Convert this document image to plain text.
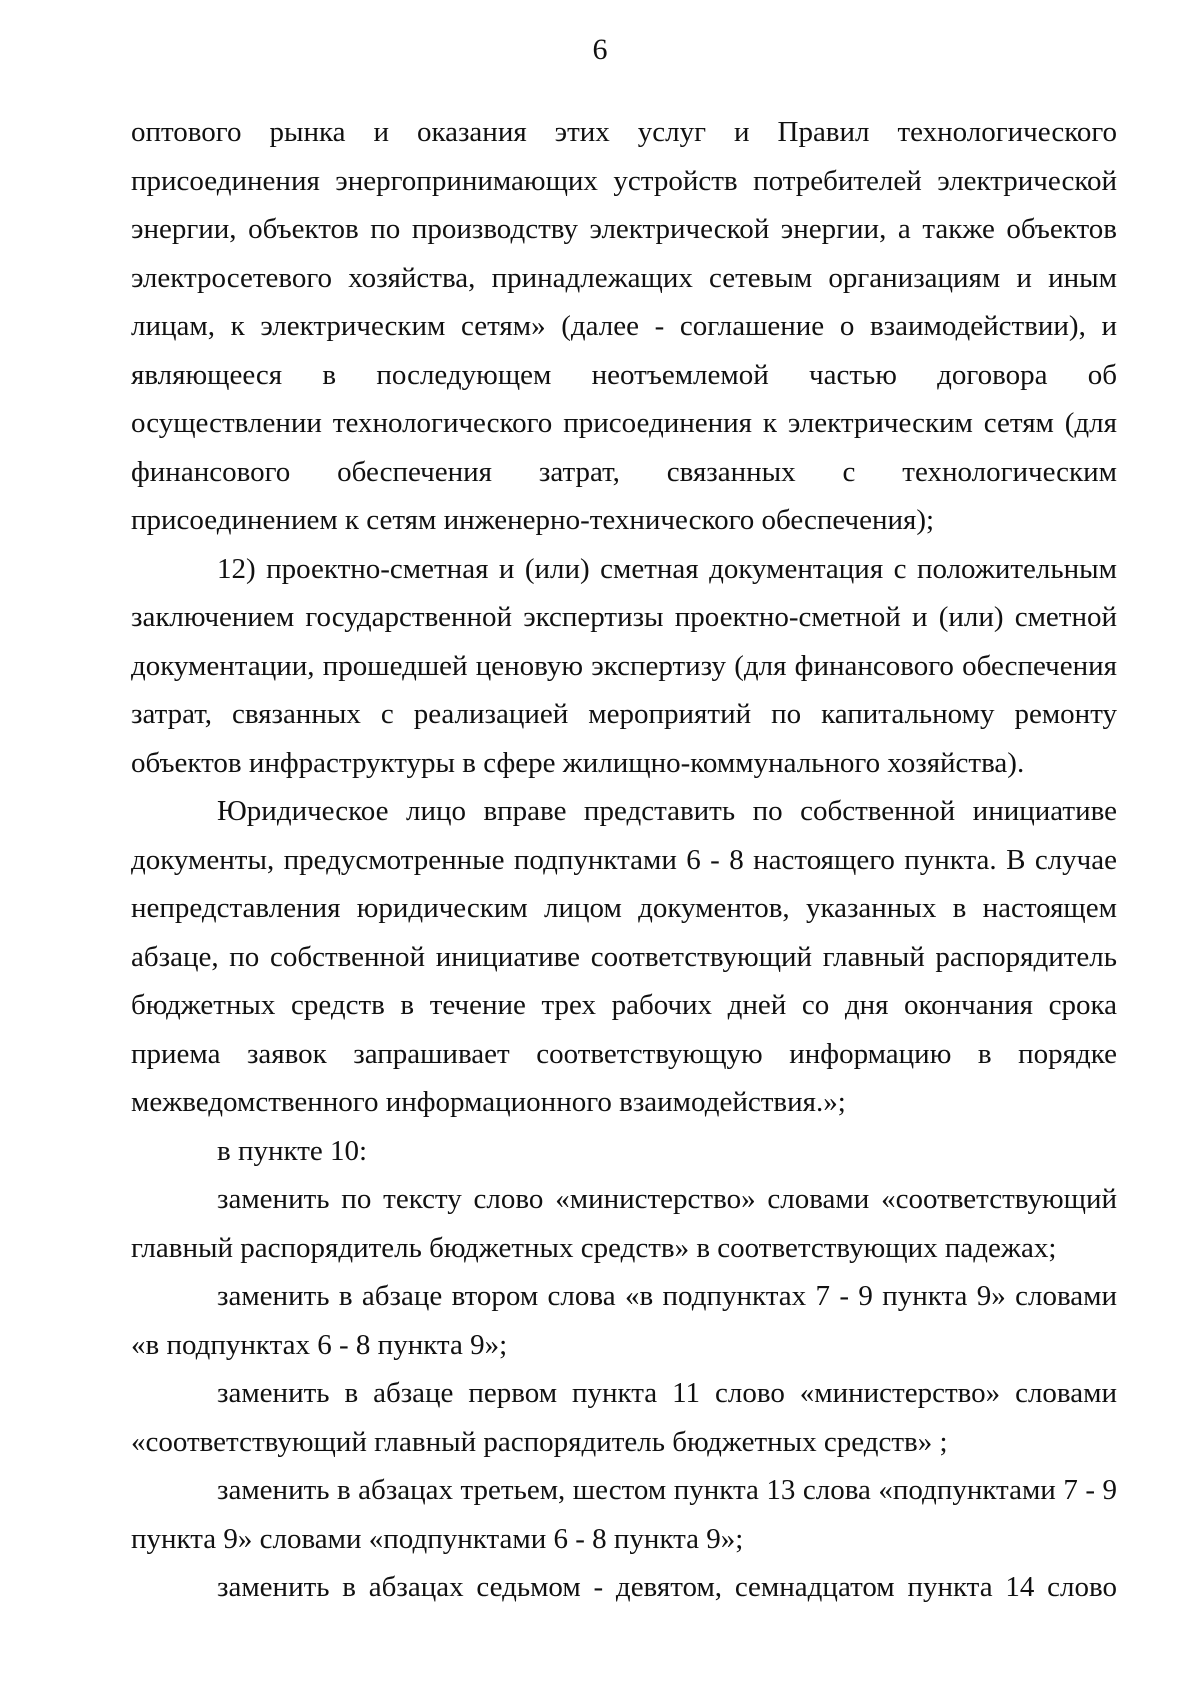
6

оптового рынка и оказания этих услуг и Правил технологического присоединения энергопринимающих устройств потребителей электрической энергии, объектов по производству электрической энергии, а также объектов электросетевого хозяйства, принадлежащих сетевым организациям и иным лицам, к электрическим сетям» (далее - соглашение о взаимодействии), и являющееся в последующем неотъемлемой частью договора об осуществлении технологического присоединения к электрическим сетям (для финансового обеспечения затрат, связанных с технологическим присоединением к сетям инженерно-технического обеспечения);

12) проектно-сметная и (или) сметная документация с положительным заключением государственной экспертизы проектно-сметной и (или) сметной документации, прошедшей ценовую экспертизу (для финансового обеспечения затрат, связанных с реализацией мероприятий по капитальному ремонту объектов инфраструктуры в сфере жилищно-коммунального хозяйства).

Юридическое лицо вправе представить по собственной инициативе документы, предусмотренные подпунктами 6 - 8 настоящего пункта. В случае непредставления юридическим лицом документов, указанных в настоящем абзаце, по собственной инициативе соответствующий главный распорядитель бюджетных средств в течение трех рабочих дней со дня окончания срока приема заявок запрашивает соответствующую информацию в порядке межведомственного информационного взаимодействия.»;

в пункте 10:

заменить по тексту слово «министерство» словами «соответствующий главный распорядитель бюджетных средств» в соответствующих падежах;

заменить в абзаце втором слова «в подпунктах 7 - 9 пункта 9» словами «в подпунктах 6 - 8 пункта 9»;

заменить в абзаце первом пункта 11 слово «министерство» словами «соответствующий главный распорядитель бюджетных средств» ;

заменить в абзацах третьем, шестом пункта 13 слова «подпунктами 7 - 9 пункта 9» словами «подпунктами 6 - 8 пункта 9»;

заменить в абзацах седьмом - девятом, семнадцатом пункта 14 слово
